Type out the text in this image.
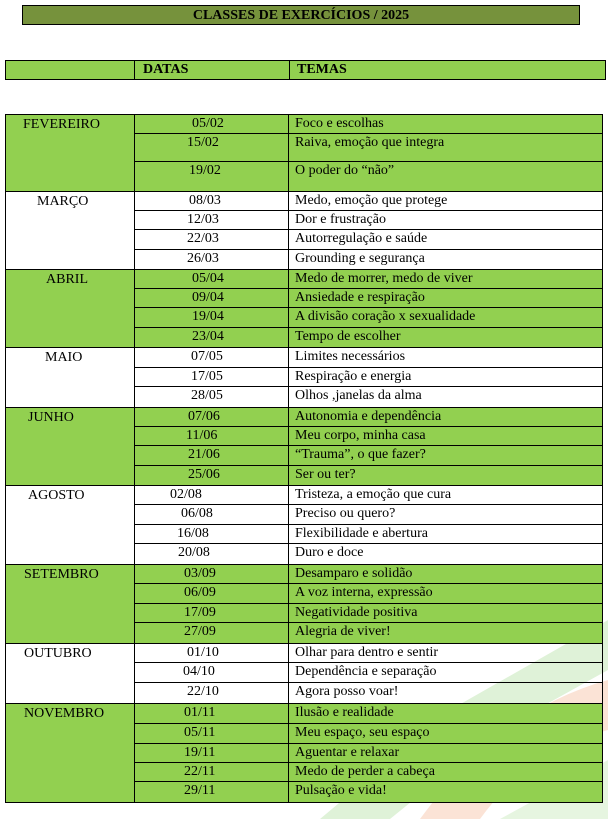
CLASSES DE EXERCÍCIOS / 2025
DATAS	TEMAS
FEVEREIRO	05/02	Foco e escolhas
15/02	Raiva, emoção que integra
19/02	O poder do “não”
MARÇO	08/03	Medo, emoção que protege
12/03	Dor e frustração
22/03	Autorregulação e saúde
26/03	Grounding e segurança
ABRIL	05/04	Medo de morrer, medo de viver
09/04	Ansiedade e respiração
19/04	A divisão coração x sexualidade
23/04	Tempo de escolher
MAIO	07/05	Limites necessários
17/05	Respiração e energia
28/05	Olhos ,janelas da alma
JUNHO	07/06	Autonomia e dependência
11/06	Meu corpo, minha casa
21/06	“Trauma”, o que fazer?
25/06	Ser ou ter?
AGOSTO	02/08	Tristeza, a emoção que cura
06/08	Preciso ou quero?
16/08	Flexibilidade e abertura
20/08	Duro e doce
SETEMBRO	03/09	Desamparo e solidão
06/09	A voz interna, expressão
17/09	Negatividade positiva
27/09	Alegria de viver!
OUTUBRO	01/10	Olhar para dentro e sentir
04/10	Dependência e separação
22/10	Agora posso voar!
NOVEMBRO	01/11	Ilusão e realidade
05/11	Meu espaço, seu espaço
19/11	Aguentar e relaxar
22/11	Medo de perder a cabeça
29/11	Pulsação e vida!
